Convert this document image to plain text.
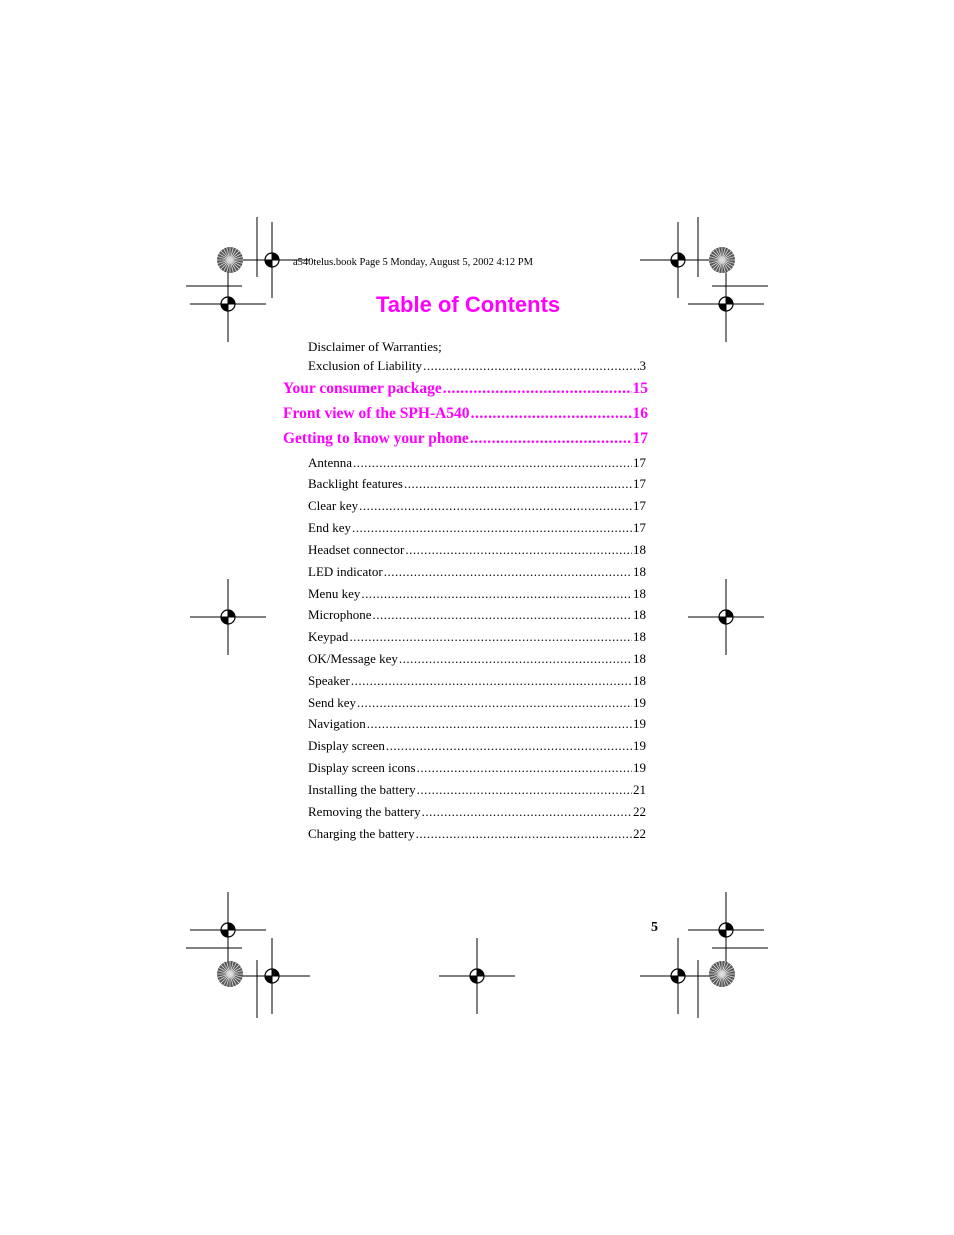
a540telus.book Page 5 Monday, August 5, 2002 4:12 PM
Table of Contents
Disclaimer of Warranties;
Exclusion of Liability .....	3
Your consumer package .....	15
Front view of the SPH-A540 .....	16
Getting to know your phone .....	17
Antenna .....	17
Backlight features .....	17
Clear key .....	17
End key .....	17
Headset connector .....	18
LED indicator .....	18
Menu key .....	18
Microphone .....	18
Keypad .....	18
OK/Message key .....	18
Speaker .....	18
Send key .....	19
Navigation .....	19
Display screen .....	19
Display screen icons .....	19
Installing the battery .....	21
Removing the battery .....	22
Charging the battery .....	22
5
